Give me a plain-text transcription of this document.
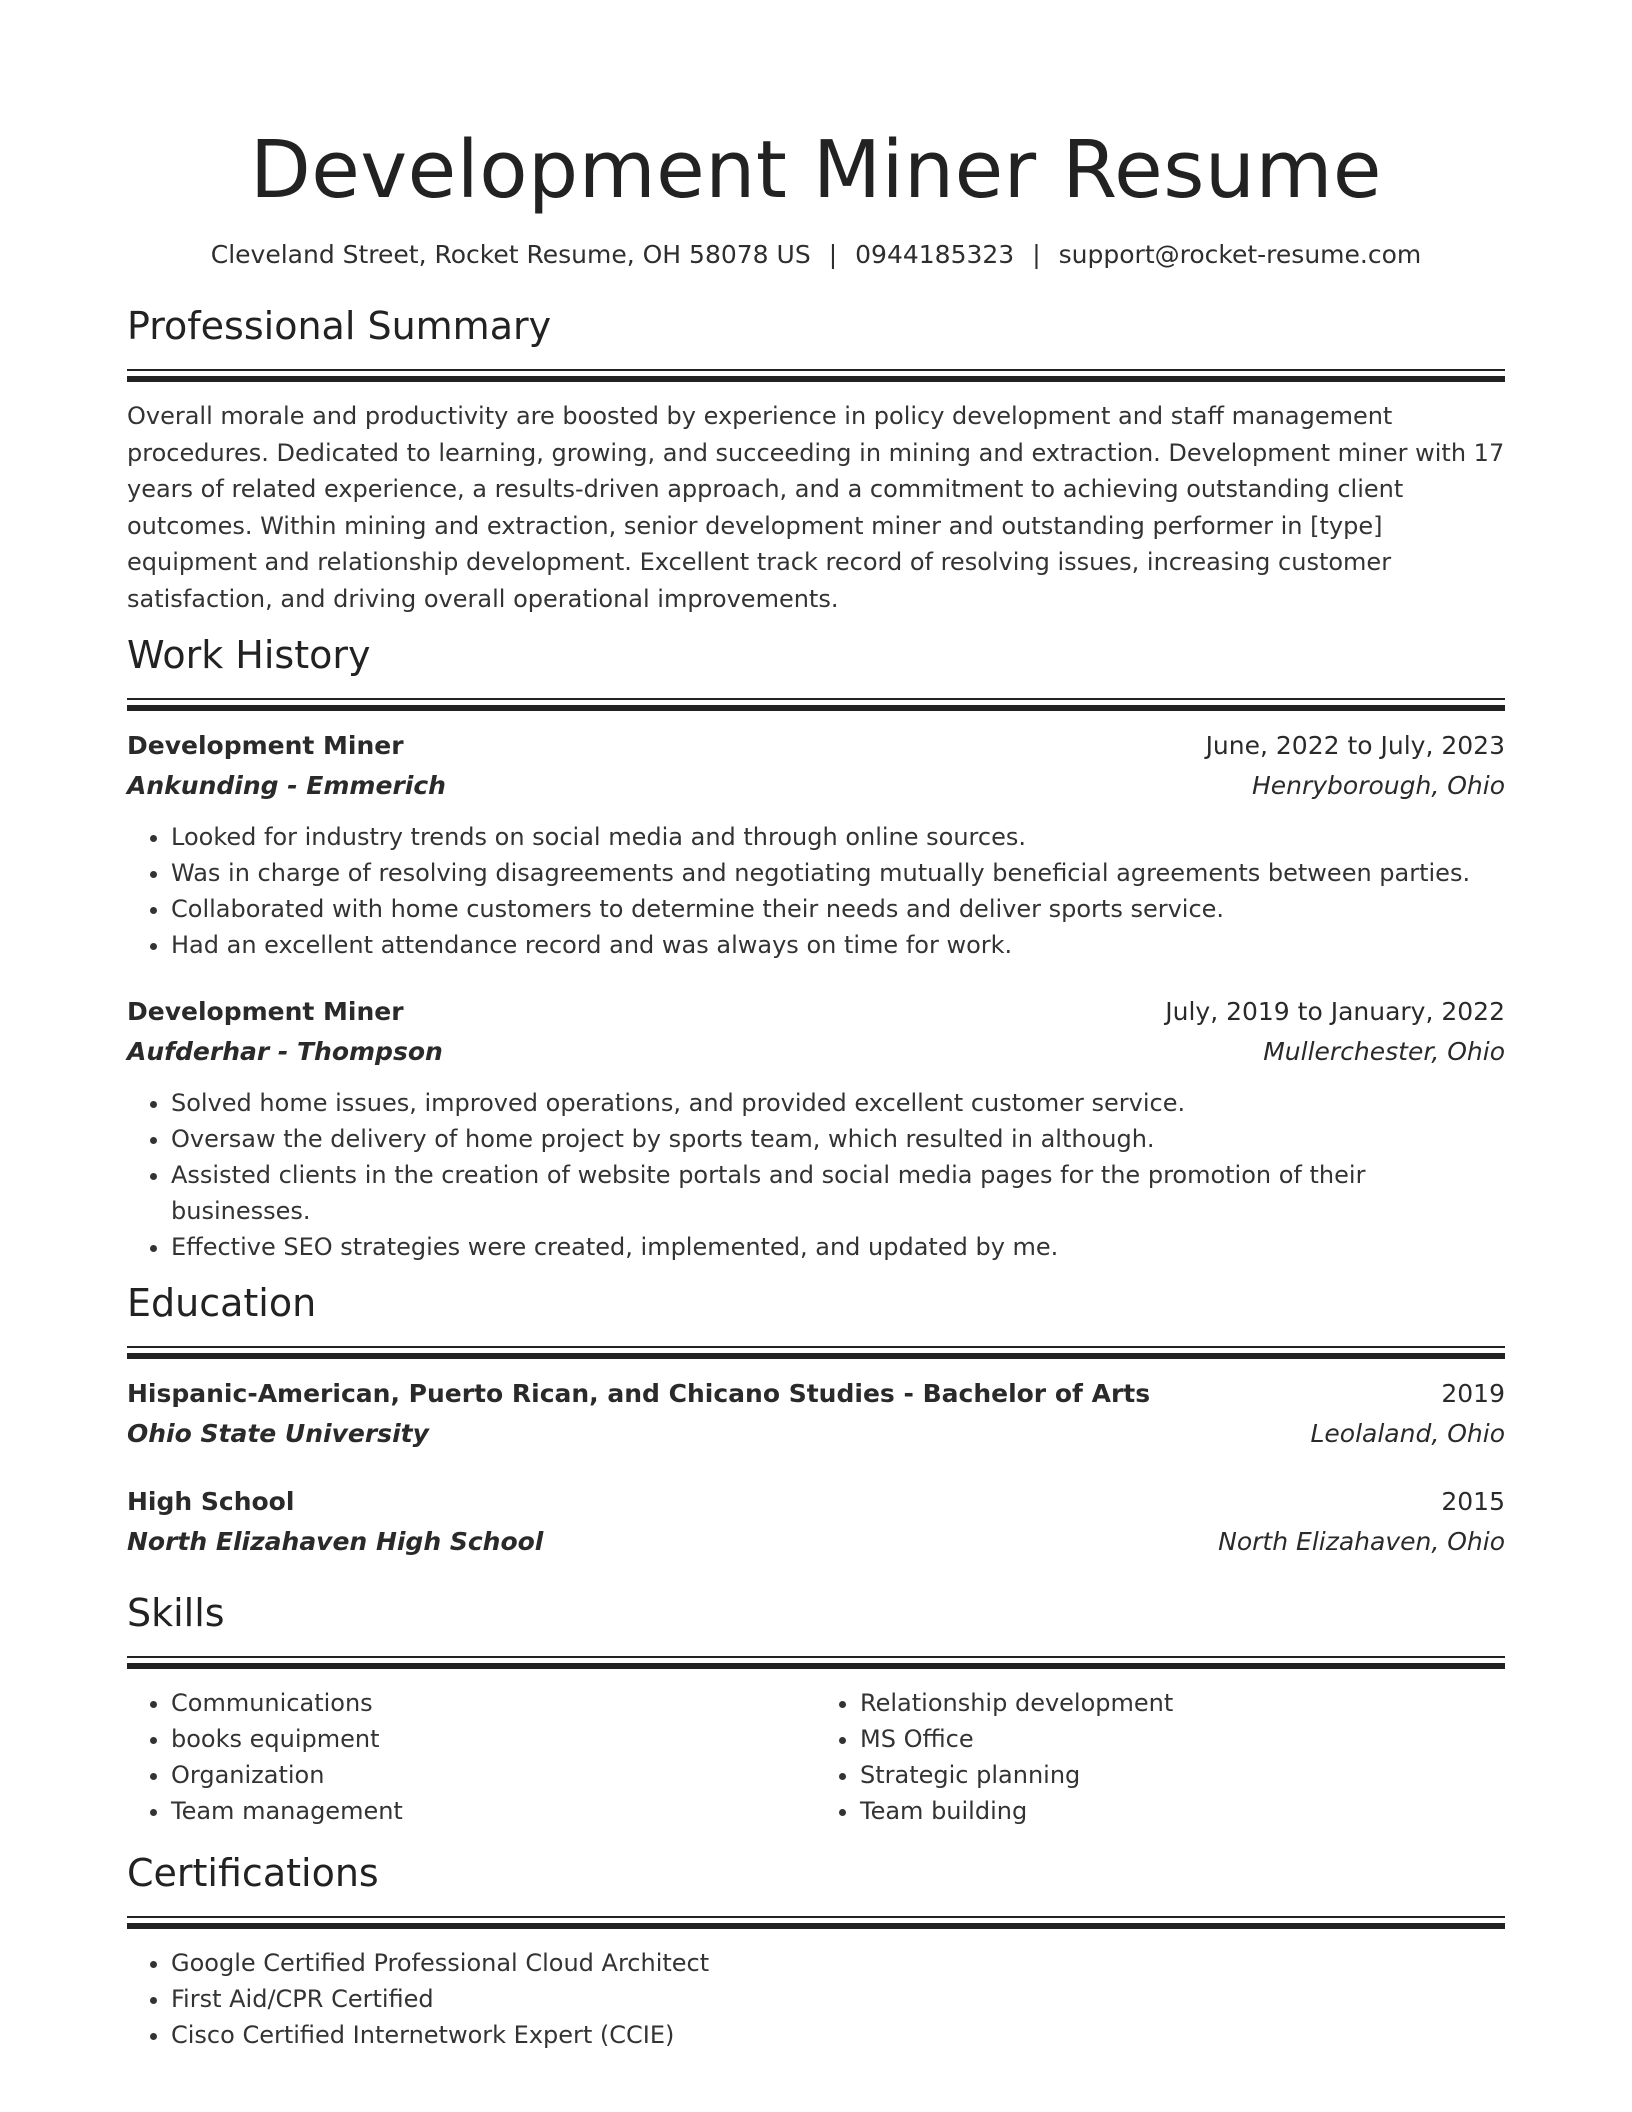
Development Miner Resume
Cleveland Street, Rocket Resume, OH 58078 US | 0944185323 | support@rocket-resume.com
Professional Summary
Overall morale and productivity are boosted by experience in policy development and staff management procedures. Dedicated to learning, growing, and succeeding in mining and extraction. Development miner with 17 years of related experience, a results-driven approach, and a commitment to achieving outstanding client outcomes. Within mining and extraction, senior development miner and outstanding performer in [type] equipment and relationship development. Excellent track record of resolving issues, increasing customer satisfaction, and driving overall operational improvements.
Work History
Development Miner	June, 2022 to July, 2023
Ankunding - Emmerich	Henryborough, Ohio
• Looked for industry trends on social media and through online sources.
• Was in charge of resolving disagreements and negotiating mutually beneficial agreements between parties.
• Collaborated with home customers to determine their needs and deliver sports service.
• Had an excellent attendance record and was always on time for work.
Development Miner	July, 2019 to January, 2022
Aufderhar - Thompson	Mullerchester, Ohio
• Solved home issues, improved operations, and provided excellent customer service.
• Oversaw the delivery of home project by sports team, which resulted in although.
• Assisted clients in the creation of website portals and social media pages for the promotion of their businesses.
• Effective SEO strategies were created, implemented, and updated by me.
Education
Hispanic-American, Puerto Rican, and Chicano Studies - Bachelor of Arts	2019
Ohio State University	Leolaland, Ohio
High School	2015
North Elizahaven High School	North Elizahaven, Ohio
Skills
• Communications
• books equipment
• Organization
• Team management
• Relationship development
• MS Office
• Strategic planning
• Team building
Certifications
• Google Certified Professional Cloud Architect
• First Aid/CPR Certified
• Cisco Certified Internetwork Expert (CCIE)
